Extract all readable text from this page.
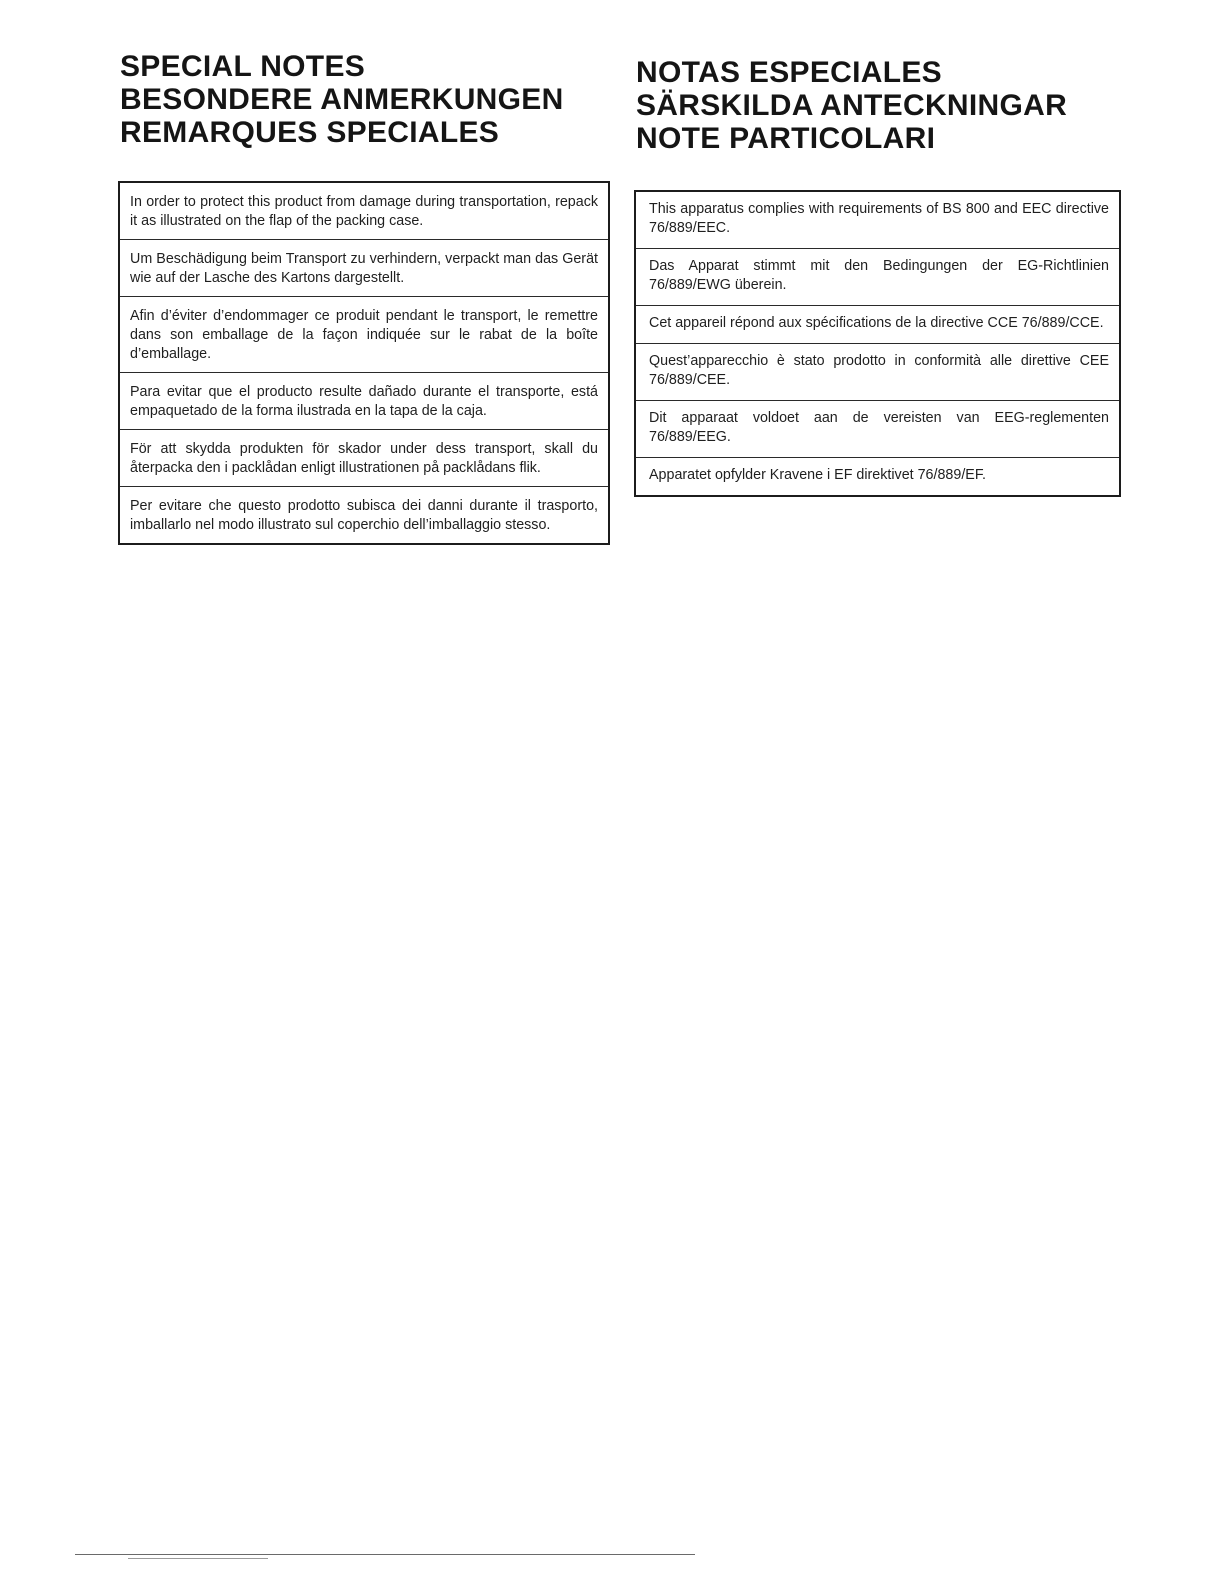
SPECIAL NOTES
BESONDERE ANMERKUNGEN
REMARQUES SPECIALES
NOTAS ESPECIALES
SÄRSKILDA ANTECKNINGAR
NOTE PARTICOLARI
In order to protect this product from damage during transportation, repack it as illustrated on the flap of the packing case.
Um Beschädigung beim Transport zu verhindern, verpackt man das Gerät wie auf der Lasche des Kartons dargestellt.
Afin d’éviter d’endommager ce produit pendant le transport, le remettre dans son emballage de la façon indiquée sur le rabat de la boîte d’emballage.
Para evitar que el producto resulte dañado durante el transporte, está empaquetado de la forma ilustrada en la tapa de la caja.
För att skydda produkten för skador under dess transport, skall du återpacka den i packlådan enligt illustrationen på packlådans flik.
Per evitare che questo prodotto subisca dei danni durante il trasporto, imballarlo nel modo illustrato sul coperchio dell’imballaggio stesso.
This apparatus complies with requirements of BS 800 and EEC directive 76/889/EEC.
Das Apparat stimmt mit den Bedingungen der EG-Richtlinien 76/889/EWG überein.
Cet appareil répond aux spécifications de la directive CCE 76/889/CCE.
Quest’apparecchio è stato prodotto in conformità alle direttive CEE 76/889/CEE.
Dit apparaat voldoet aan de vereisten van EEG-reglementen 76/889/EEG.
Apparatet opfylder Kravene i EF direktivet 76/889/EF.
